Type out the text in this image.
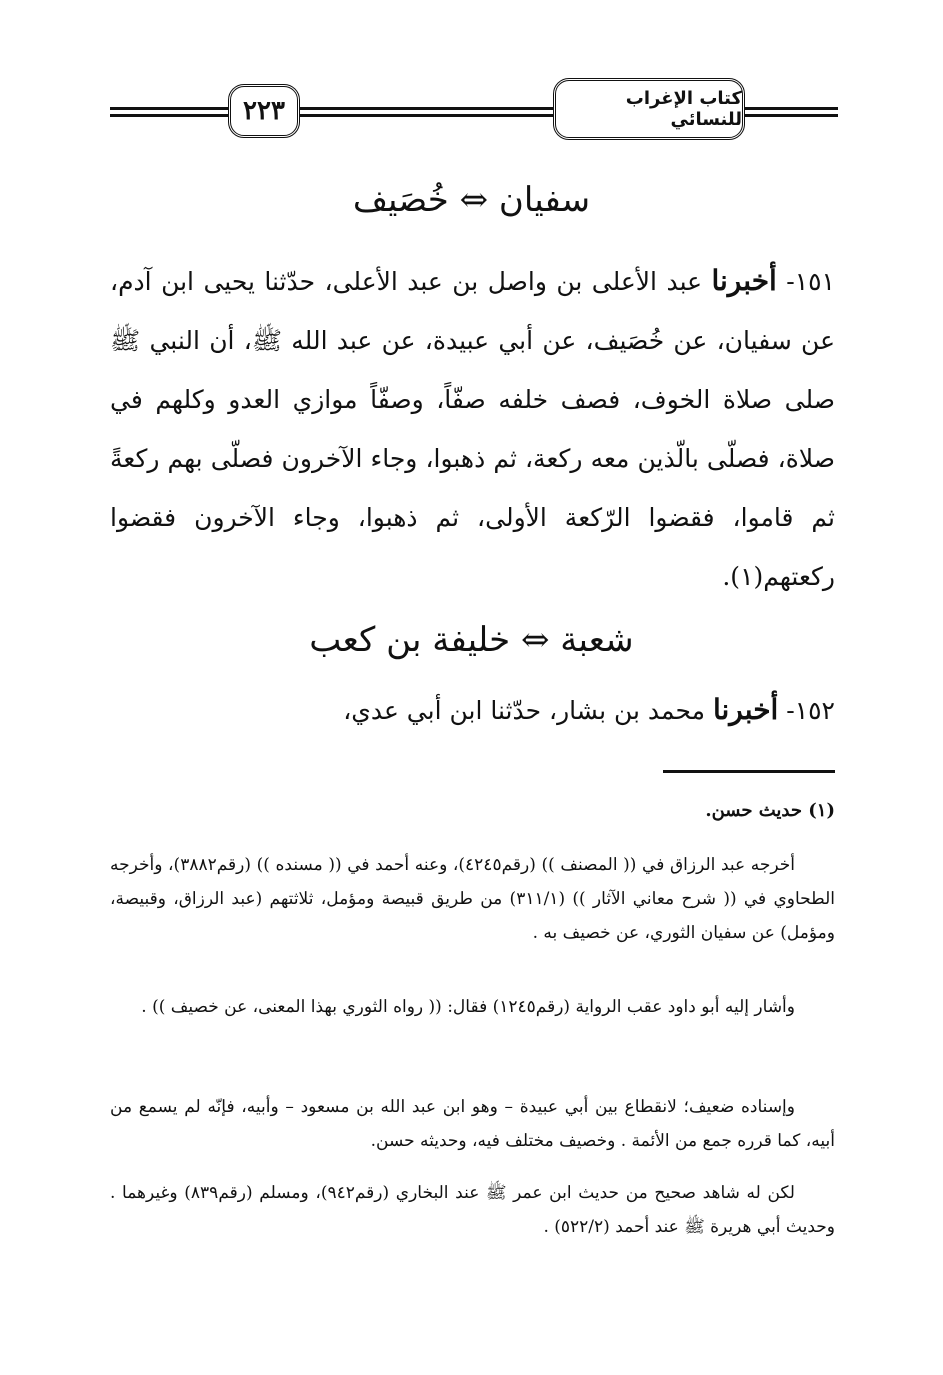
٢٢٣	كتاب الإغراب للنسائي
سفيان ⇔ خُصَيف
١٥١- أخبرنا عبد الأعلى بن واصل بن عبد الأعلى، حدّثنا يحيى ابن آدم، عن سفيان، عن خُصَيف، عن أبي عبيدة، عن عبد الله ﷺ، أن النبي ﷺ صلى صلاة الخوف، فصف خلفه صفّاً، وصفّاً موازي العدو وكلهم في صلاة، فصلّى بالّذين معه ركعة، ثم ذهبوا، وجاء الآخرون فصلّى بهم ركعةً ثم قاموا، فقضوا الرّكعة الأولى، ثم ذهبوا، وجاء الآخرون فقضوا ركعتهم(١).
شعبة ⇔ خليفة بن كعب
١٥٢- أخبرنا محمد بن بشار، حدّثنا ابن أبي عدي،
(١) حديث حسن.

أخرجه عبد الرزاق في (( المصنف )) (رقم٤٢٤٥)، وعنه أحمد في (( مسنده )) (رقم٣٨٨٢)، وأخرجه الطحاوي في (( شرح معاني الآثار )) (٣١١/١) من طريق قبيصة ومؤمل، ثلاثتهم (عبد الرزاق، وقبيصة، ومؤمل) عن سفيان الثوري، عن خصيف به .

وأشار إليه أبو داود عقب الرواية (رقم١٢٤٥) فقال: (( رواه الثوري بهذا المعنى، عن خصيف )) .

وإسناده ضعيف؛ لانقطاع بين أبي عبيدة – وهو ابن عبد الله بن مسعود – وأبيه، فإنّه لم يسمع من أبيه، كما قرره جمع من الأئمة . وخصيف مختلف فيه، وحديثه حسن.

لكن له شاهد صحيح من حديث ابن عمر ﷺ عند البخاري (رقم٩٤٢)، ومسلم (رقم٨٣٩) وغيرهما . وحديث أبي هريرة ﷺ عند أحمد (٥٢٢/٢) .
